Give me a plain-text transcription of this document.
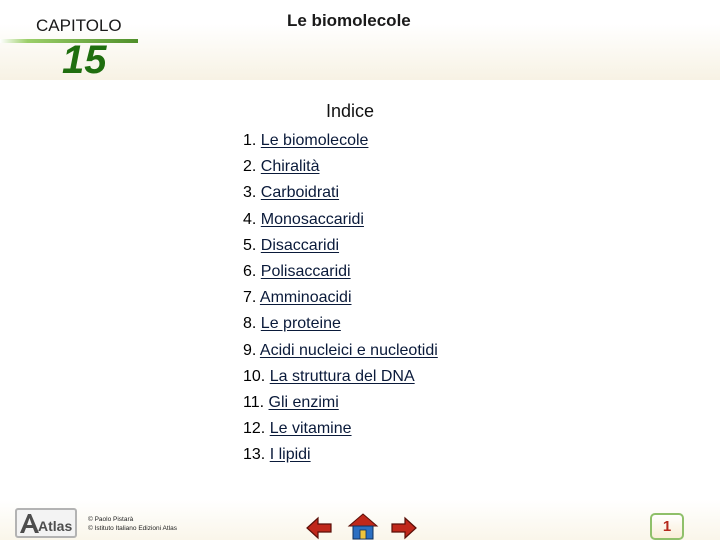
CAPITOLO
15
Le biomolecole
Indice
1. Le biomolecole
2. Chiralità
3. Carboidrati
4. Monosaccaridi
5. Disaccaridi
6. Polisaccaridi
7. Amminoacidi
8. Le proteine
9. Acidi nucleici e nucleotidi
10. La struttura del DNA
11. Gli enzimi
12. Le vitamine
13. I lipidi
Atlas © Paolo Pistarà
© Istituto Italiano Edizioni Atlas	1
